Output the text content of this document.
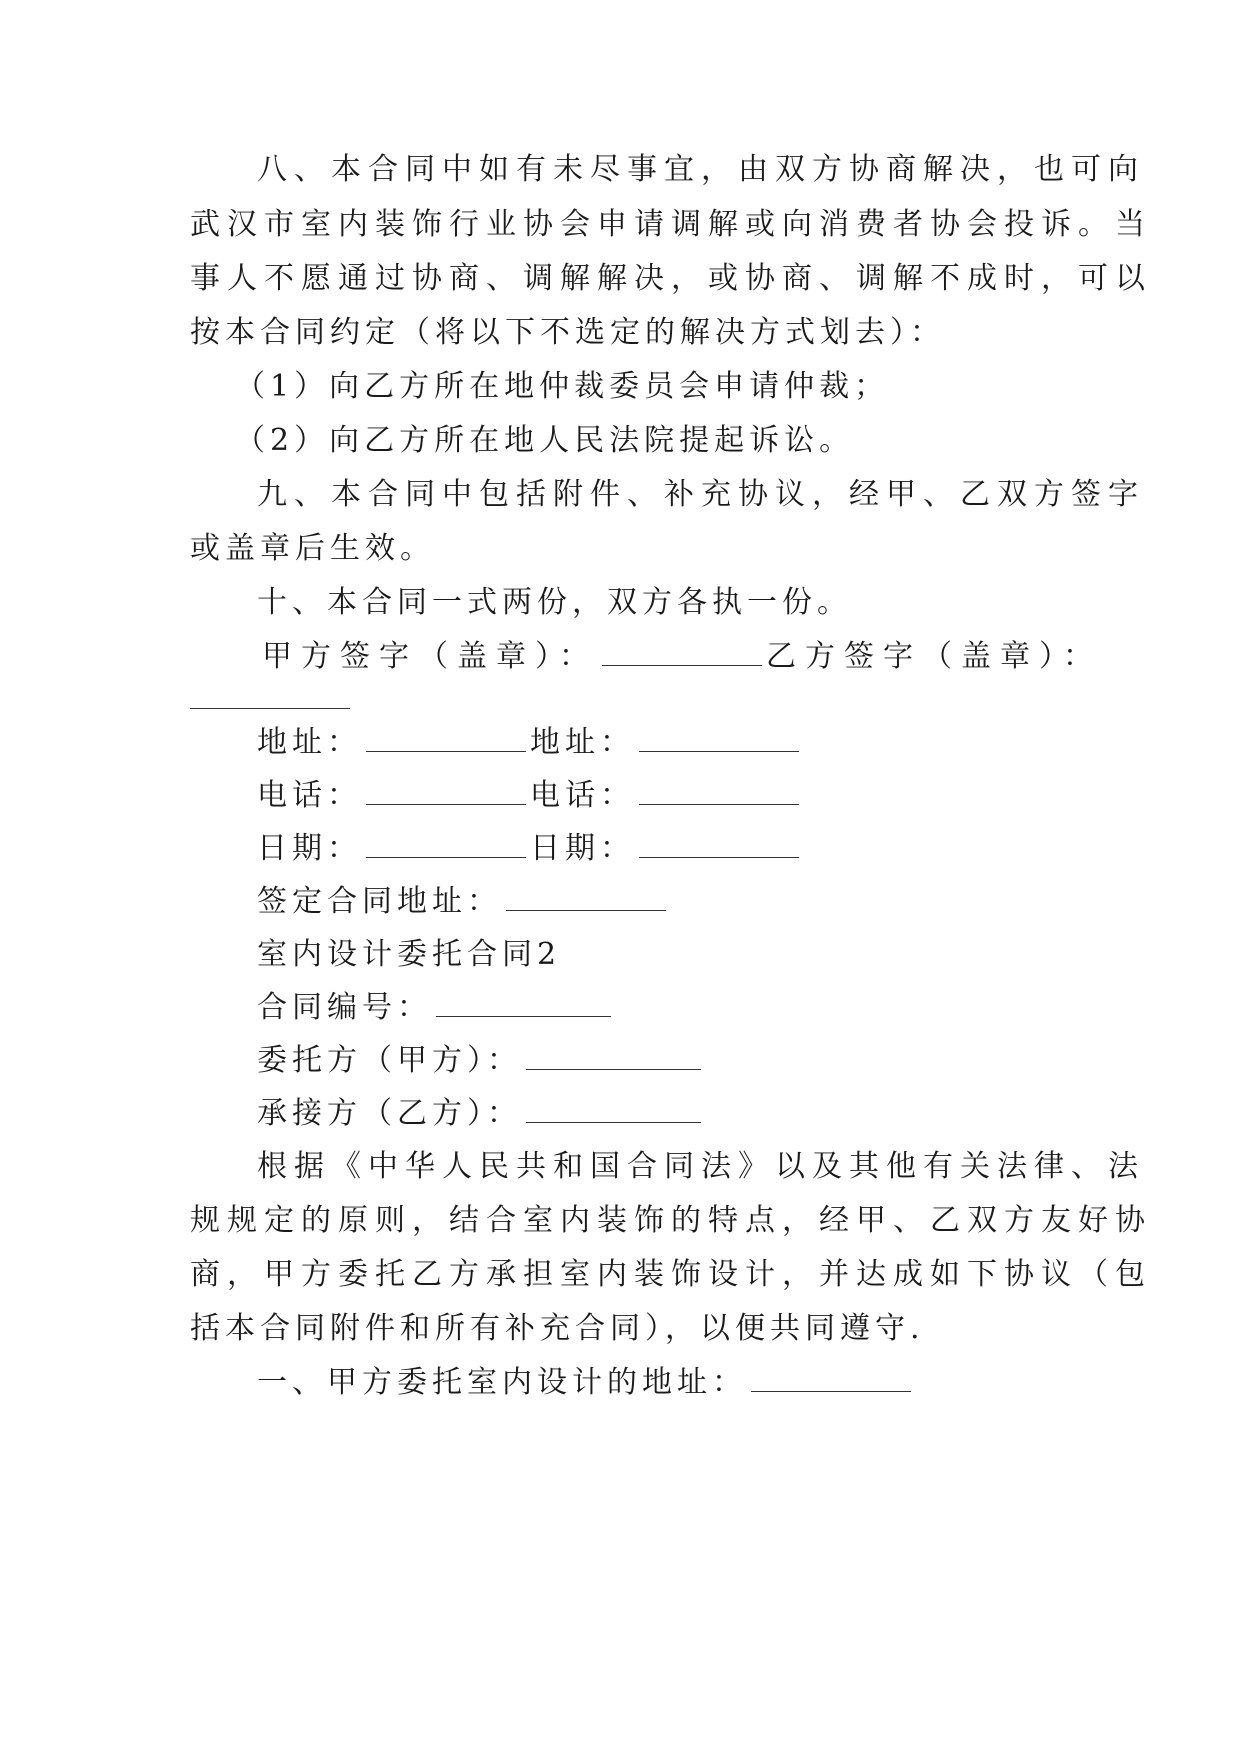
八、本合同中如有未尽事宜，由双方协商解决，也可向
武汉市室内装饰行业协会申请调解或向消费者协会投诉。当
事人不愿通过协商、调解解决，或协商、调解不成时，可以
按本合同约定（将以下不选定的解决方式划去）：
（1）向乙方所在地仲裁委员会申请仲裁；
（2）向乙方所在地人民法院提起诉讼。
九、本合同中包括附件、补充协议，经甲、乙双方签字
或盖章后生效。
十、本合同一式两份，双方各执一份。
甲方签字（盖章）：	乙方签字（盖章）：
地址：	地址：
电话：	电话：
日期：	日期：
签定合同地址：
室内设计委托合同2
合同编号：
委托方（甲方）：
承接方（乙方）：
根据《中华人民共和国合同法》以及其他有关法律、法
规规定的原则，结合室内装饰的特点，经甲、乙双方友好协
商，甲方委托乙方承担室内装饰设计，并达成如下协议（包
括本合同附件和所有补充合同），以便共同遵守.
一、甲方委托室内设计的地址：
